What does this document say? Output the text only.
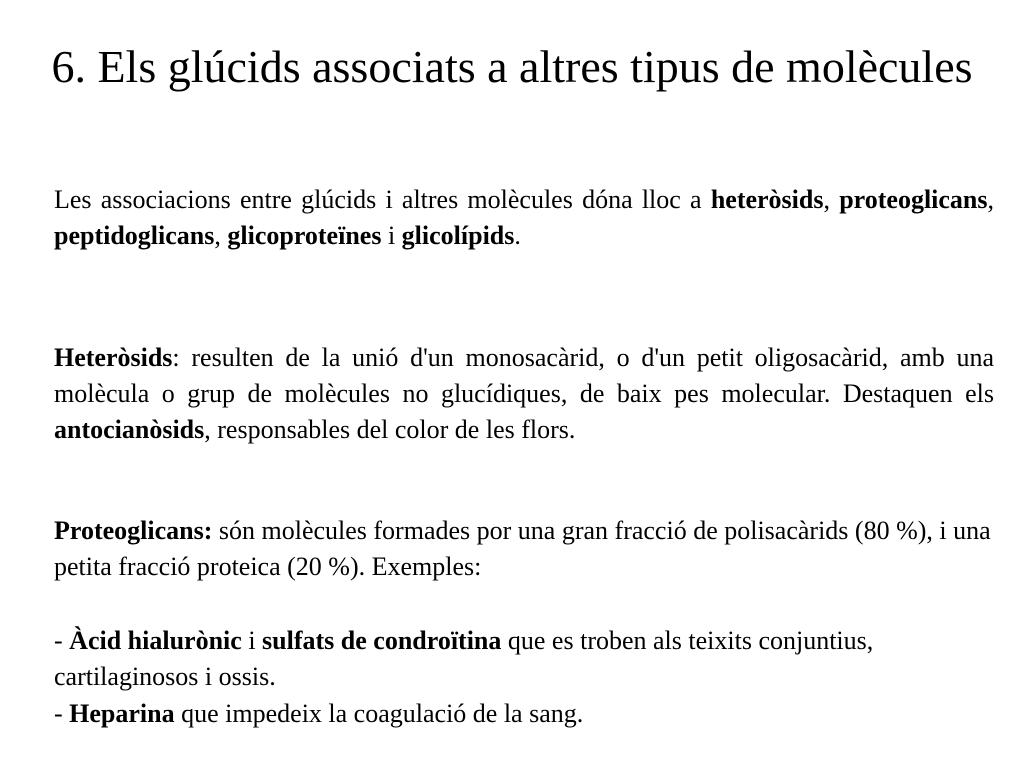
6. Els glúcids associats a altres tipus de molècules

Les associacions entre glúcids i altres molècules dóna lloc a heteròsids, proteoglicans, peptidoglicans, glicoproteïnes i glicolípids.

Heteròsids: resulten de la unió d'un monosacàrid, o d'un petit oligosacàrid, amb una molècula o grup de molècules no glucídiques, de baix pes molecular. Destaquen els antocianòsids, responsables del color de les flors.

Proteoglicans: són molècules formades por una gran fracció de polisacàrids (80 %), i una petita fracció proteica (20 %). Exemples:

- Àcid hialurònic i sulfats de condroïtina que es troben als teixits conjuntius, cartilaginosos i ossis.

- Heparina que impedeix la coagulació de la sang.
